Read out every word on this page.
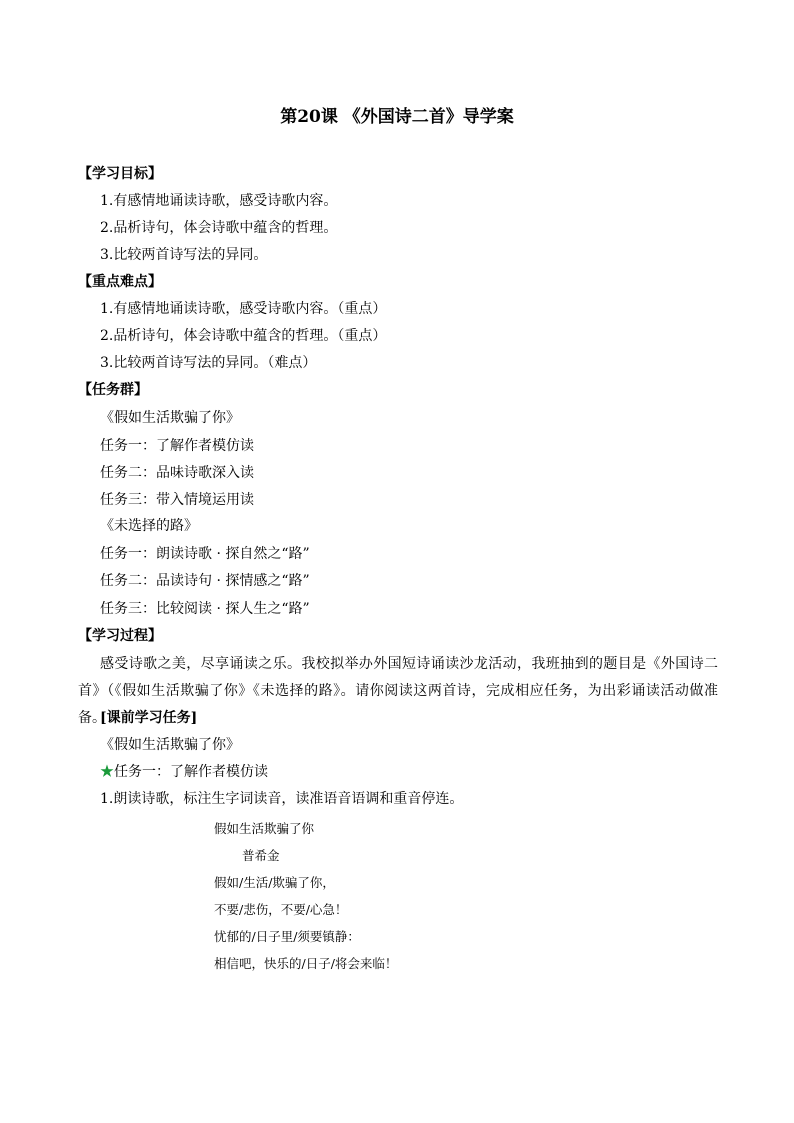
第20课 《外国诗二首》导学案
【学习目标】
1.有感情地诵读诗歌，感受诗歌内容。
2.品析诗句，体会诗歌中蕴含的哲理。
3.比较两首诗写法的异同。
【重点难点】
1.有感情地诵读诗歌，感受诗歌内容。（重点）
2.品析诗句，体会诗歌中蕴含的哲理。（重点）
3.比较两首诗写法的异同。（难点）
【任务群】
《假如生活欺骗了你》
任务一：了解作者模仿读
任务二：品味诗歌深入读
任务三：带入情境运用读
《未选择的路》
任务一：朗读诗歌 · 探自然之“路”
任务二：品读诗句 · 探情感之“路”
任务三：比较阅读 · 探人生之“路”
【学习过程】
感受诗歌之美，尽享诵读之乐。我校拟举办外国短诗诵读沙龙活动，我班抽到的题目是《外国诗二首》（《假如生活欺骗了你》《未选择的路》。请你阅读这两首诗，完成相应任务，为出彩诵读活动做准备。
[课前学习任务]
《假如生活欺骗了你》
★任务一：了解作者模仿读
1.朗读诗歌，标注生字词读音，读准语音语调和重音停连。
假如生活欺骗了你
普希金
假如/生活/欺骗了你，
不要/悲伤，不要/心急！
忧郁的/日子里/须要镇静：
相信吧，快乐的/日子/将会来临！
